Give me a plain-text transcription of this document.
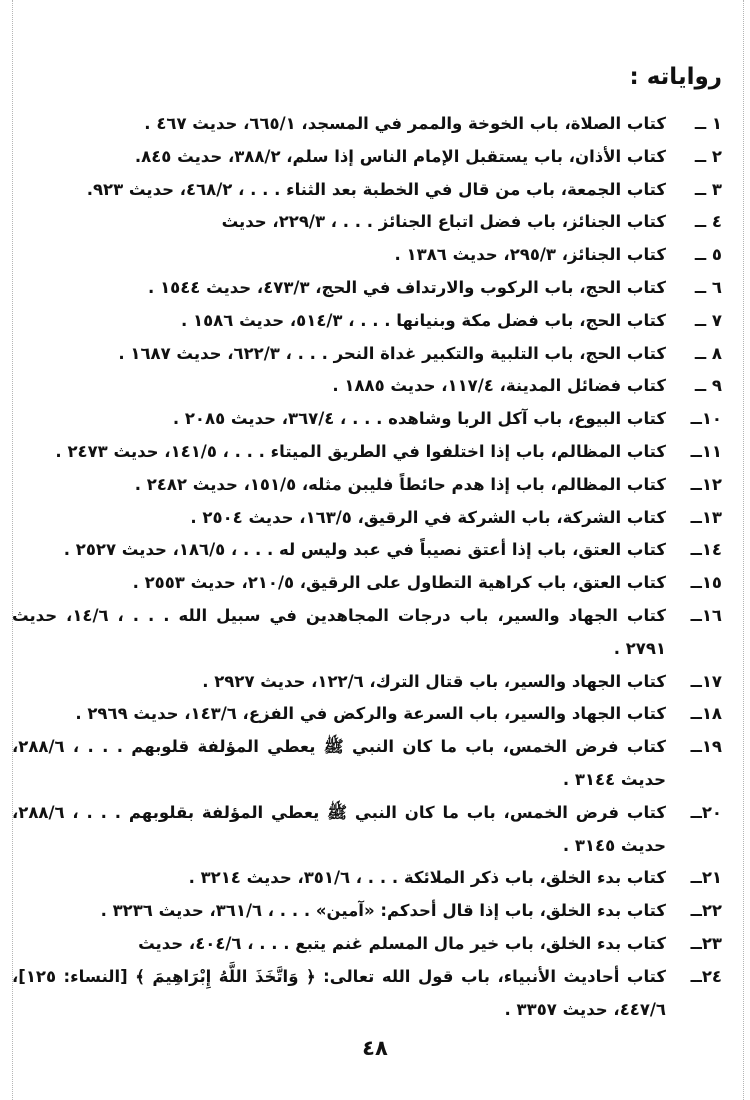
رواياته :
١ ــ
كتاب الصلاة، باب الخوخة والممر في المسجد، ٦٦٥/١، حديث ٤٦٧ .
٢ ــ
كتاب الأذان، باب يستقبل الإمام الناس إذا سلم، ٣٨٨/٢، حديث ٨٤٥.
٣ ــ
كتاب الجمعة، باب من قال في الخطبة بعد الثناء . . . ، ٤٦٨/٢، حديث ٩٢٣.
٤ ــ
كتاب الجنائز، باب فضل اتباع الجنائز . . . ، ٢٢٩/٣، حديث
٥ ــ
كتاب الجنائز، ٢٩٥/٣، حديث ١٣٨٦ .
٦ ــ
كتاب الحج، باب الركوب والارتداف في الحج، ٤٧٣/٣، حديث ١٥٤٤ .
٧ ــ
كتاب الحج، باب فضل مكة وبنيانها . . . ، ٥١٤/٣، حديث ١٥٨٦ .
٨ ــ
كتاب الحج، باب التلبية والتكبير غداة النحر . . . ، ٦٢٢/٣، حديث ١٦٨٧ .
٩ ــ
كتاب فضائل المدينة، ١١٧/٤، حديث ١٨٨٥ .
١٠ــ
كتاب البيوع، باب آكل الربا وشاهده . . . ، ٣٦٧/٤، حديث ٢٠٨٥ .
١١ــ
كتاب المظالم، باب إذا اختلفوا في الطريق الميتاء . . . ، ١٤١/٥، حديث ٢٤٧٣ .
١٢ــ
كتاب المظالم، باب إذا هدم حائطاً فليبن مثله، ١٥١/٥، حديث ٢٤٨٢ .
١٣ــ
كتاب الشركة، باب الشركة في الرقيق، ١٦٣/٥، حديث ٢٥٠٤ .
١٤ــ
كتاب العتق، باب إذا أعتق نصيباً في عبد وليس له . . . ، ١٨٦/٥، حديث ٢٥٢٧ .
١٥ــ
كتاب العتق، باب كراهية التطاول على الرقيق، ٢١٠/٥، حديث ٢٥٥٣ .
١٦ــ
كتاب الجهاد والسير، باب درجات المجاهدين في سبيل الله . . . ، ١٤/٦، حديث ٢٧٩١ .
١٧ــ
كتاب الجهاد والسير، باب قتال الترك، ١٢٢/٦، حديث ٢٩٢٧ .
١٨ــ
كتاب الجهاد والسير، باب السرعة والركض في الفزع، ١٤٣/٦، حديث ٢٩٦٩ .
١٩ــ
كتاب فرض الخمس، باب ما كان النبي ﷺ يعطي المؤلفة قلوبهم . . . ، ٢٨٨/٦، حديث ٣١٤٤ .
٢٠ــ
كتاب فرض الخمس، باب ما كان النبي ﷺ يعطي المؤلفة بقلوبهم . . . ، ٢٨٨/٦، حديث ٣١٤٥ .
٢١ــ
كتاب بدء الخلق، باب ذكر الملائكة . . . ، ٣٥١/٦، حديث ٣٢١٤ .
٢٢ــ
كتاب بدء الخلق، باب إذا قال أحدكم: «آمين» . . . ، ٣٦١/٦، حديث ٣٢٣٦ .
٢٣ــ
كتاب بدء الخلق، باب خير مال المسلم غنم يتبع . . . ، ٤٠٤/٦، حديث
٢٤ــ
كتاب أحاديث الأنبياء، باب قول الله تعالى: ﴿ وَاتَّخَذَ اللَّهُ إِبْرَاهِيمَ ﴾ [النساء: ١٢٥]، ٤٤٧/٦، حديث ٣٣٥٧ .
٤٨
